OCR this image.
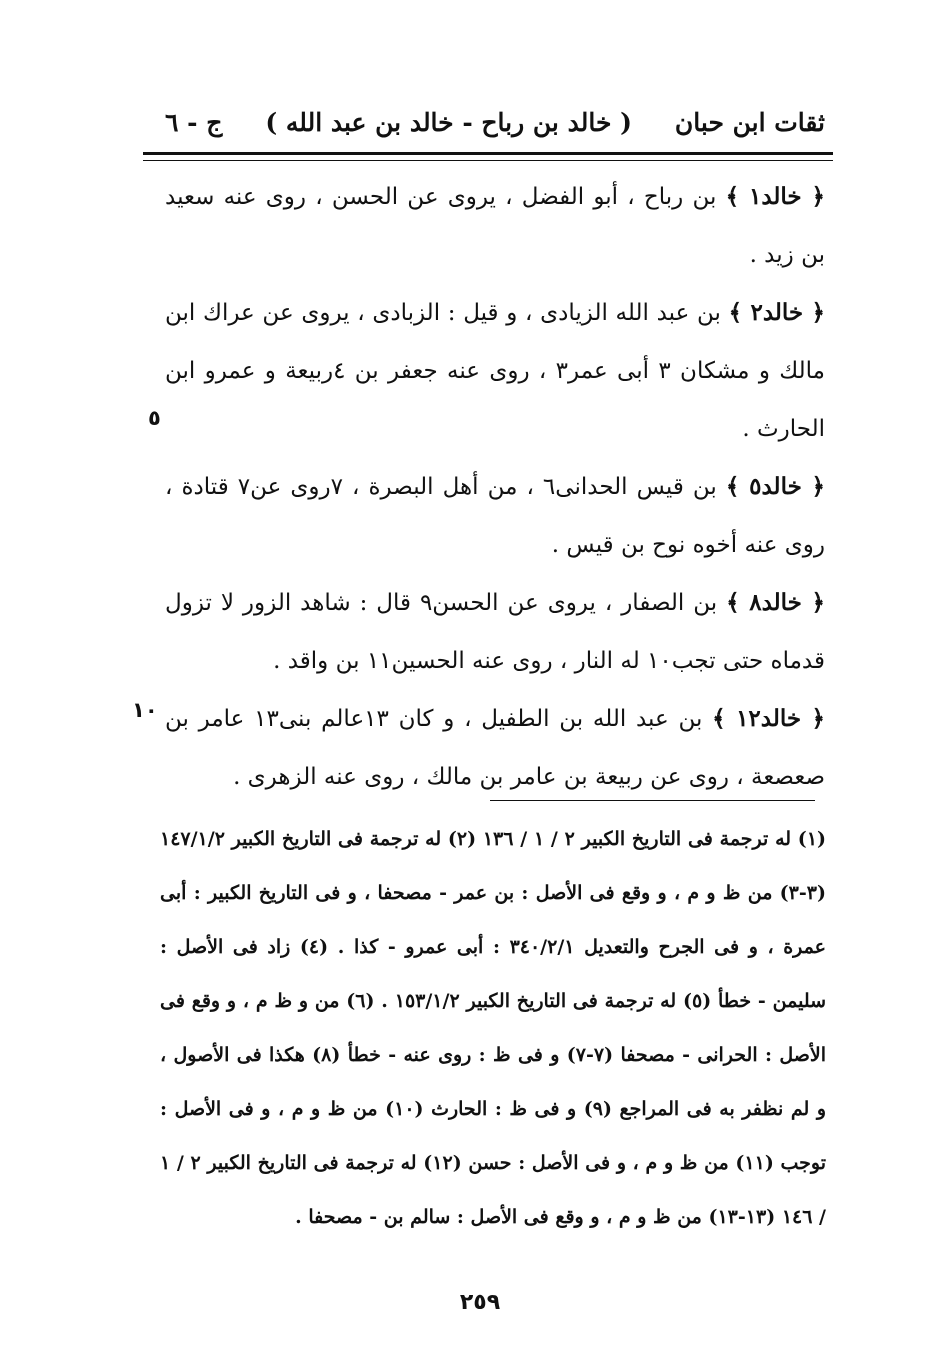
ثقات ابن حبان
( خالد بن رباح - خالد بن عبد الله )
ج - ٦

﴿ خالد١ ﴾ بن رباح ، أبو الفضل ، يروى عن الحسن ، روى عنه سعيد بن زيد .

﴿ خالد٢ ﴾ بن عبد الله الزيادى ، و قيل : الزبادى ، يروى عن عراك ابن مالك و مشكان ٣ أبى عمر٣ ، روى عنه جعفر بن ٤ربيعة و عمرو ابن الحارث .

﴿ خالد٥ ﴾ بن قيس الحدانى٦ ، من أهل البصرة ، ٧روى عن٧ قتادة ، روى عنه أخوه نوح بن قيس .

﴿ خالد٨ ﴾ بن الصفار ، يروى عن الحسن٩ قال : شاهد الزور لا تزول قدماه حتى تجب١٠ له النار ، روى عنه الحسين١١ بن واقد .

﴿ خالد١٢ ﴾ بن عبد الله بن الطفيل ، و كان ١٣عالم بنى١٣ عامر بن صعصعة ، روى عن ربيعة بن عامر بن مالك ، روى عنه الزهرى .

٥
١٠
(١) له ترجمة فى التاريخ الكبير ٢ / ١ / ١٣٦ (٢) له ترجمة فى التاريخ الكبير ١٤٧/١/٢ (٣-٣) من ظ و م ، و وقع فى الأصل : بن عمر - مصحفا ، و فى التاريخ الكبير : أبى عمرة ، و فى الجرح والتعديل ٣٤٠/٢/١ : أبى عمرو - كذا . (٤) زاد فى الأصل : سليمن - خطأ (٥) له ترجمة فى التاريخ الكبير ١٥٣/١/٢ . (٦) من و ظ م ، و وقع فى الأصل : الحرانى - مصحفا (٧-٧) و فى ظ : روى عنه - خطأ (٨) هكذا فى الأصول ، و لم نظفر به فى المراجع (٩) و فى ظ : الحارث (١٠) من ظ و م ، و فى الأصل : توجب (١١) من ظ و م ، و فى الأصل : حسن (١٢) له ترجمة فى التاريخ الكبير ٢ / ١ / ١٤٦ (١٣-١٣) من ظ و م ، و وقع فى الأصل : سالم بن - مصحفا .
٢٥٩
